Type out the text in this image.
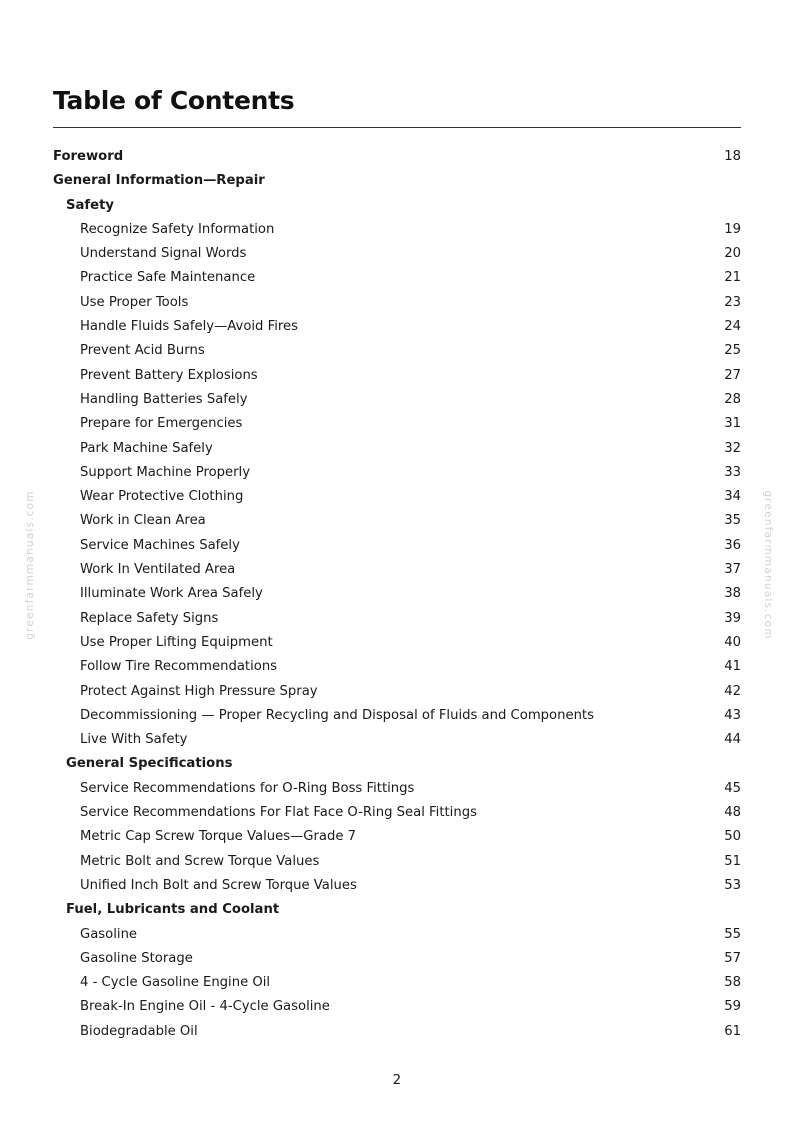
Table of Contents
Foreword	18
General Information—Repair
Safety
Recognize Safety Information	19
Understand Signal Words	20
Practice Safe Maintenance	21
Use Proper Tools	23
Handle Fluids Safely—Avoid Fires	24
Prevent Acid Burns	25
Prevent Battery Explosions	27
Handling Batteries Safely	28
Prepare for Emergencies	31
Park Machine Safely	32
Support Machine Properly	33
Wear Protective Clothing	34
Work in Clean Area	35
Service Machines Safely	36
Work In Ventilated Area	37
Illuminate Work Area Safely	38
Replace Safety Signs	39
Use Proper Lifting Equipment	40
Follow Tire Recommendations	41
Protect Against High Pressure Spray	42
Decommissioning — Proper Recycling and Disposal of Fluids and Components	43
Live With Safety	44
General Specifications
Service Recommendations for O-Ring Boss Fittings	45
Service Recommendations For Flat Face O-Ring Seal Fittings	48
Metric Cap Screw Torque Values—Grade 7	50
Metric Bolt and Screw Torque Values	51
Unified Inch Bolt and Screw Torque Values	53
Fuel, Lubricants and Coolant
Gasoline	55
Gasoline Storage	57
4 - Cycle Gasoline Engine Oil	58
Break-In Engine Oil - 4-Cycle Gasoline	59
Biodegradable Oil	61
2
greenfarmmanuals.com	greenfarmmanuals.com
